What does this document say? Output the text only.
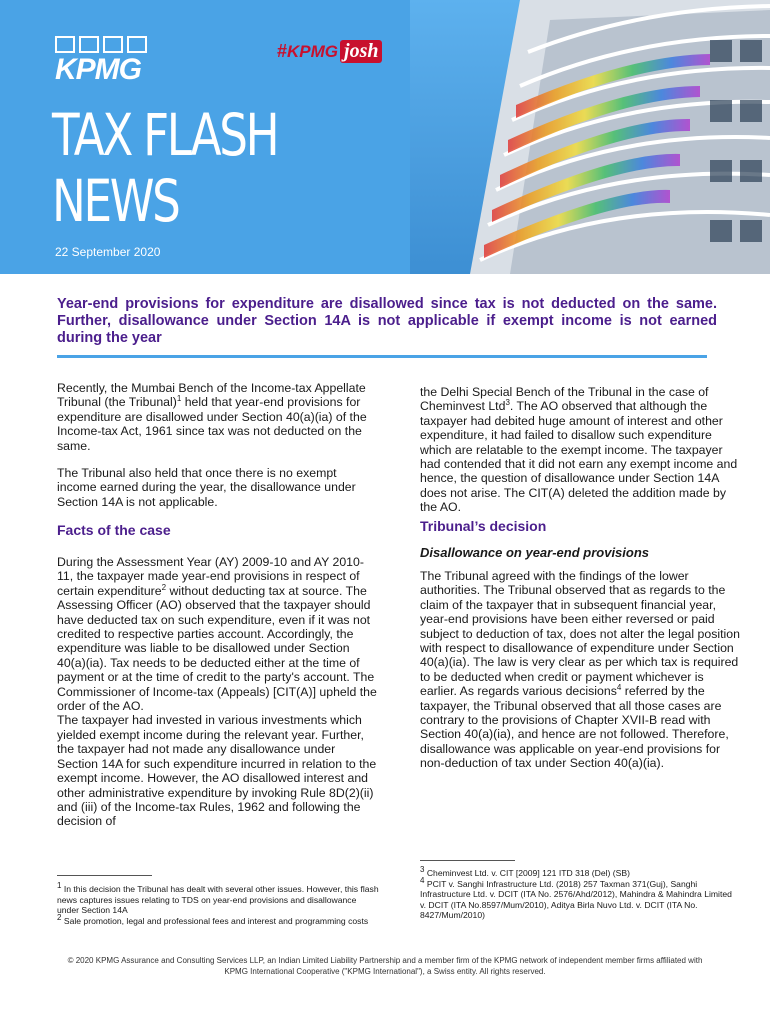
KPMG
# KPMG josh
TAX FLASH
NEWS
22 September 2020
Year-end provisions for expenditure are disallowed since tax is not deducted on the same. Further, disallowance under Section 14A is not applicable if exempt income is not earned during the year

Recently, the Mumbai Bench of the Income-tax Appellate Tribunal (the Tribunal)$^1$ held that year-end provisions for expenditure are disallowed under Section 40(a)(ia) of the Income-tax Act, 1961 since tax was not deducted on the same.

The Tribunal also held that once there is no exempt income earned during the year, the disallowance under Section 14A is not applicable.

Facts of the case

During the Assessment Year (AY) 2009-10 and AY 2010-11, the taxpayer made year-end provisions in respect of certain expenditure$^2$ without deducting tax at source. The Assessing Officer (AO) observed that the taxpayer should have deducted tax on such expenditure, even if it was not credited to respective parties account. Accordingly, the expenditure was liable to be disallowed under Section 40(a)(ia). Tax needs to be deducted either at the time of payment or at the time of credit to the party's account. The Commissioner of Income-tax (Appeals) [CIT(A)] upheld the order of the AO.

The taxpayer had invested in various investments which yielded exempt income during the relevant year. Further, the taxpayer had not made any disallowance under Section 14A for such expenditure incurred in relation to the exempt income. However, the AO disallowed interest and other administrative expenditure by invoking Rule 8D(2)(ii) and (iii) of the Income-tax Rules, 1962 and following the decision of

the Delhi Special Bench of the Tribunal in the case of Cheminvest Ltd$^3$. The AO observed that although the taxpayer had debited huge amount of interest and other expenditure, it had failed to disallow such expenditure which are relatable to the exempt income. The taxpayer had contended that it did not earn any exempt income and hence, the question of disallowance under Section 14A does not arise. The CIT(A) deleted the addition made by the AO.

Tribunal’s decision
Disallowance on year-end provisions

The Tribunal agreed with the findings of the lower authorities. The Tribunal observed that as regards to the claim of the taxpayer that in subsequent financial year, year-end provisions have been either reversed or paid subject to deduction of tax, does not alter the legal position with respect to disallowance of expenditure under Section 40(a)(ia). The law is very clear as per which tax is required to be deducted when credit or payment whichever is earlier. As regards various decisions$^4$ referred by the taxpayer, the Tribunal observed that all those cases are contrary to the provisions of Chapter XVII-B read with Section 40(a)(ia), and hence are not followed. Therefore, disallowance was applicable on year-end provisions for non-deduction of tax under Section 40(a)(ia).

$^1$ In this decision the Tribunal has dealt with several other issues. However, this flash news captures issues relating to TDS on year-end provisions and disallowance under Section 14A

$^2$ Sale promotion, legal and professional fees and interest and programming costs

$^3$ Cheminvest Ltd. v. CIT [2009] 121 ITD 318 (Del) (SB)

$^4$ PCIT v. Sanghi Infrastructure Ltd. (2018) 257 Taxman 371(Guj), Sanghi Infrastructure Ltd. v. DCIT (ITA No. 2576/Ahd/2012), Mahindra & Mahindra Limited v. DCIT (ITA No.8597/Mum/2010), Aditya Birla Nuvo Ltd. v. DCIT (ITA No. 8427/Mum/2010)

© 2020 KPMG Assurance and Consulting Services LLP, an Indian Limited Liability Partnership and a member firm of the KPMG network of independent member firms affiliated with
KPMG International Cooperative ("KPMG International"), a Swiss entity. All rights reserved.
